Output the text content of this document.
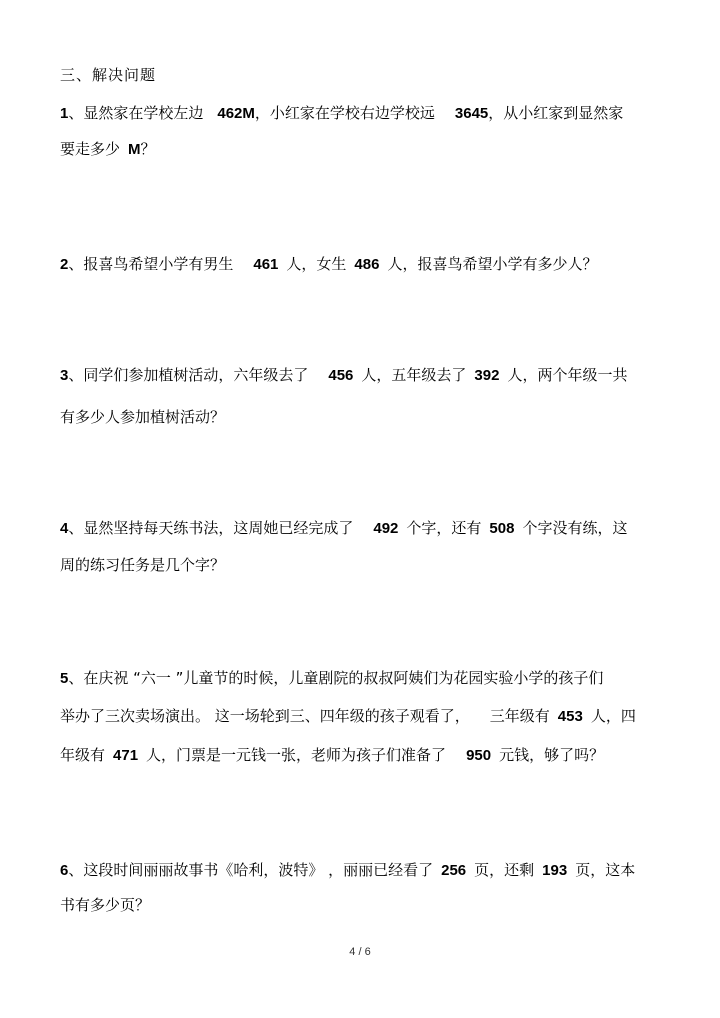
三、解决问题
1、显然家在学校左边 462M，小红家在学校右边学校远 3645，从小红家到显然家
要走多少 M？
2、报喜鸟希望小学有男生 461 人，女生 486 人，报喜鸟希望小学有多少人？
3、同学们参加植树活动，六年级去了 456 人，五年级去了 392 人，两个年级一共
有多少人参加植树活动？
4、显然坚持每天练书法，这周她已经完成了 492 个字，还有 508 个字没有练，这
周的练习任务是几个字？
5、在庆祝 “六一 ”儿童节的时候，儿童剧院的叔叔阿姨们为花园实验小学的孩子们
举办了三次卖场演出。 这一场轮到三、四年级的孩子观看了， 三年级有 453 人，四
年级有 471 人，门票是一元钱一张，老师为孩子们准备了 950 元钱，够了吗？
6、这段时间丽丽故事书《哈利，波特》 ，丽丽已经看了 256 页，还剩 193 页，这本
书有多少页？
4 / 6
